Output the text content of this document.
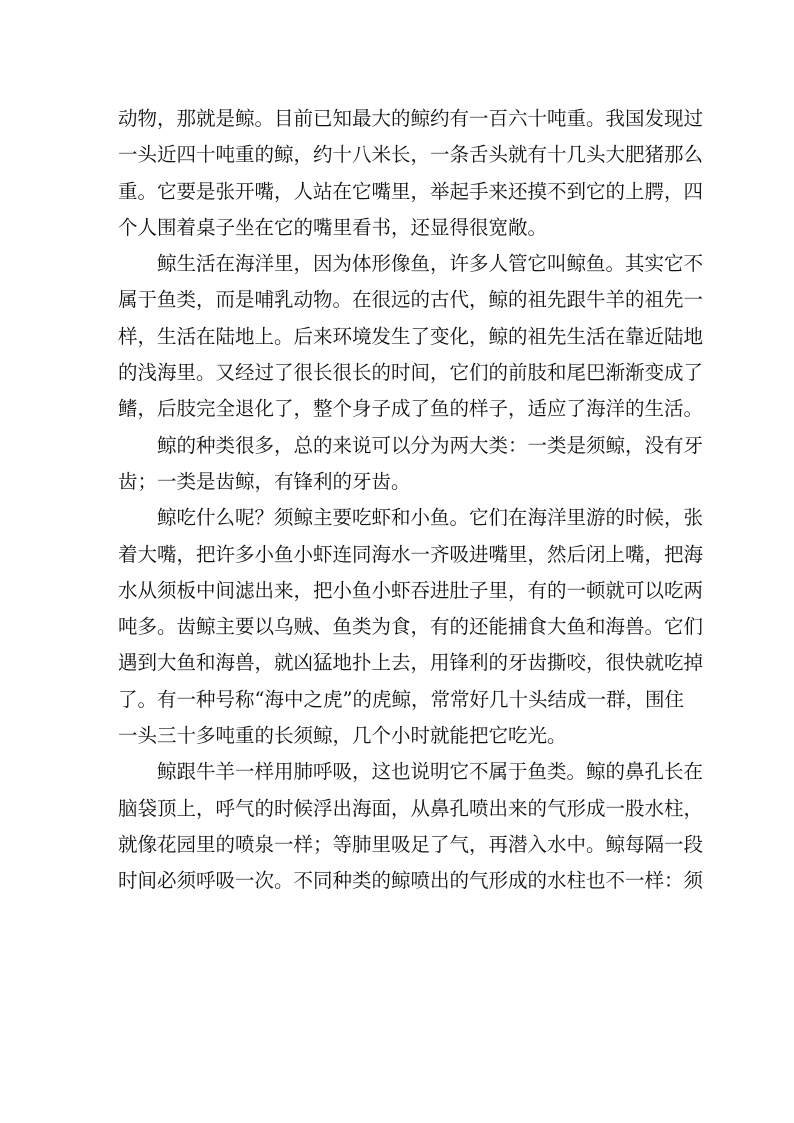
动物，那就是鲸。目前已知最大的鲸约有一百六十吨重。我国发现过
一头近四十吨重的鲸，约十八米长，一条舌头就有十几头大肥猪那么
重。它要是张开嘴，人站在它嘴里，举起手来还摸不到它的上腭，四
个人围着桌子坐在它的嘴里看书，还显得很宽敞。
鲸生活在海洋里，因为体形像鱼，许多人管它叫鲸鱼。其实它不
属于鱼类，而是哺乳动物。在很远的古代，鲸的祖先跟牛羊的祖先一
样，生活在陆地上。后来环境发生了变化，鲸的祖先生活在靠近陆地
的浅海里。又经过了很长很长的时间，它们的前肢和尾巴渐渐变成了
鳍，后肢完全退化了，整个身子成了鱼的样子，适应了海洋的生活。
鲸的种类很多，总的来说可以分为两大类：一类是须鲸，没有牙
齿；一类是齿鲸，有锋利的牙齿。
鲸吃什么呢？须鲸主要吃虾和小鱼。它们在海洋里游的时候，张
着大嘴，把许多小鱼小虾连同海水一齐吸进嘴里，然后闭上嘴，把海
水从须板中间滤出来，把小鱼小虾吞进肚子里，有的一顿就可以吃两
吨多。齿鲸主要以乌贼、鱼类为食，有的还能捕食大鱼和海兽。它们
遇到大鱼和海兽，就凶猛地扑上去，用锋利的牙齿撕咬，很快就吃掉
了。有一种号称“海中之虎”的虎鲸，常常好几十头结成一群，围住
一头三十多吨重的长须鲸，几个小时就能把它吃光。
鲸跟牛羊一样用肺呼吸，这也说明它不属于鱼类。鲸的鼻孔长在
脑袋顶上，呼气的时候浮出海面，从鼻孔喷出来的气形成一股水柱，
就像花园里的喷泉一样；等肺里吸足了气，再潜入水中。鲸每隔一段
时间必须呼吸一次。不同种类的鲸喷出的气形成的水柱也不一样：须
